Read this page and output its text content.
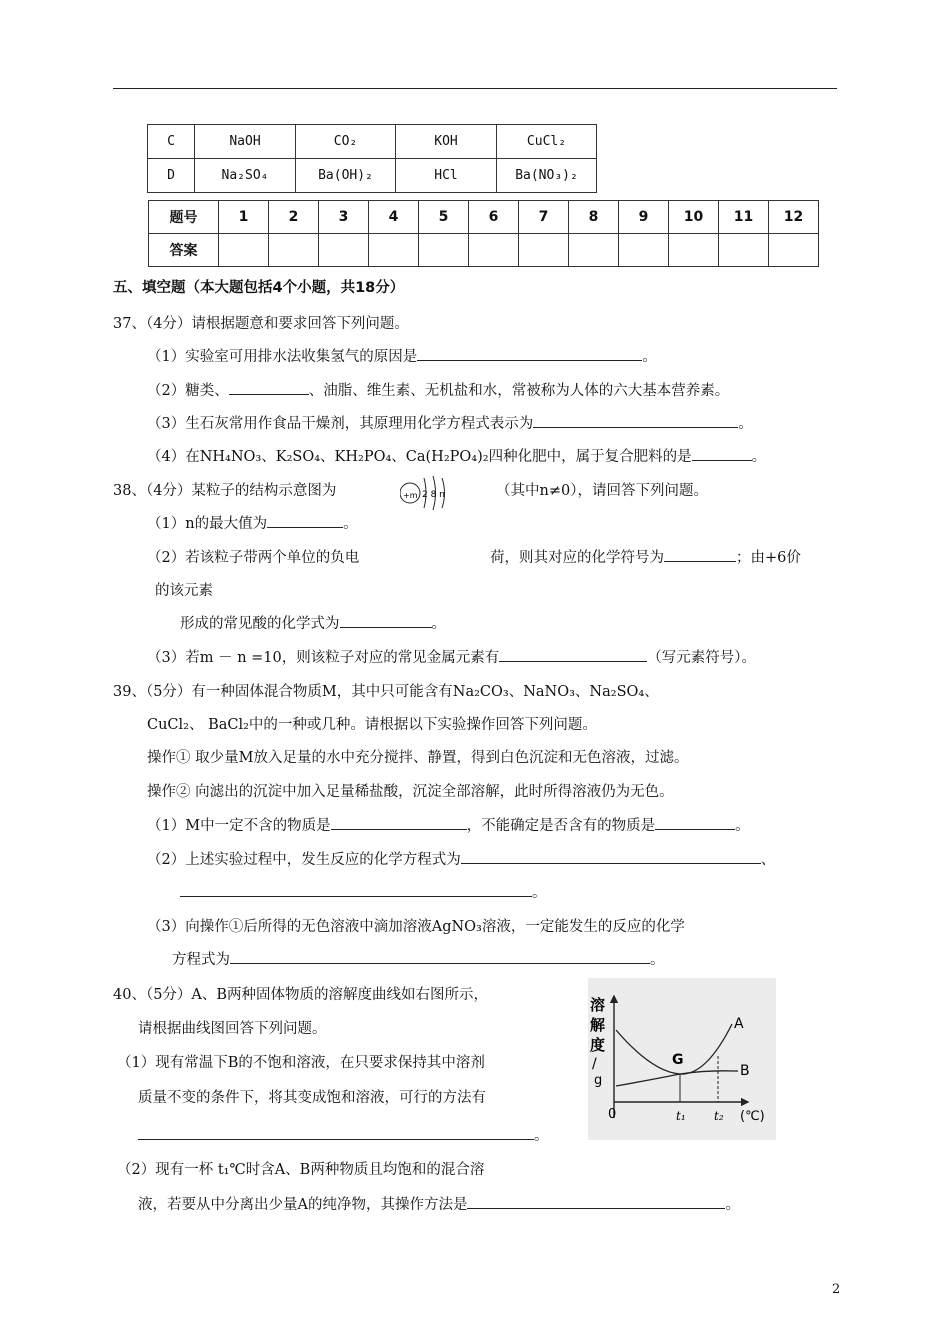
C	NaOH	CO₂	KOH	CuCl₂
D	Na₂SO₄	Ba(OH)₂	HCl	Ba(NO₃)₂
题号	1	2	3	4	5	6	7	8	9	10	11	12
答案												
五、填空题（本大题包括4个小题，共18分）
37、（4分）请根据题意和要求回答下列问题。
（1）实验室可用排水法收集氢气的原因是	。
（2）糖类、	、油脂、维生素、无机盐和水，常被称为人体的六大基本营养素。
（3）生石灰常用作食品干燥剂，其原理用化学方程式表示为	。
（4）在NH₄NO₃、K₂SO₄、KH₂PO₄、Ca(H₂PO₄)₂四种化肥中，属于复合肥料的是	。
38、（4分）某粒子的结构示意图为	+m 2 8 n	（其中n≠0），请回答下列问题。
（1）n的最大值为	。
（2）若该粒子带两个单位的负电	荷，则其对应的化学符号为	；由+6价
的该元素
形成的常见酸的化学式为	。
（3）若m － n =10，则该粒子对应的常见金属元素有	（写元素符号）。
39、（5分）有一种固体混合物质M，其中只可能含有Na₂CO₃、NaNO₃、Na₂SO₄、
CuCl₂、 BaCl₂中的一种或几种。请根据以下实验操作回答下列问题。
操作① 取少量M放入足量的水中充分搅拌、静置，得到白色沉淀和无色溶液，过滤。
操作② 向滤出的沉淀中加入足量稀盐酸，沉淀全部溶解，此时所得溶液仍为无色。
（1）M中一定不含的物质是	，不能确定是否含有的物质是	。
（2）上述实验过程中，发生反应的化学方程式为	、
。
（3）向操作①后所得的无色溶液中滴加溶液AgNO₃溶液，一定能发生的反应的化学
方程式为	。
40、（5分）A、B两种固体物质的溶解度曲线如右图所示，
请根据曲线图回答下列问题。
（1）现有常温下B的不饱和溶液，在只要求保持其中溶剂
质量不变的条件下，将其变成饱和溶液，可行的方法有
。
（2）现有一杯 t₁℃时含A、B两种物质且均饱和的混合溶
液，若要从中分离出少量A的纯净物，其操作方法是	。
溶
解
度
/
g
0
A
B
G
t₁ t₂ (℃)
2
